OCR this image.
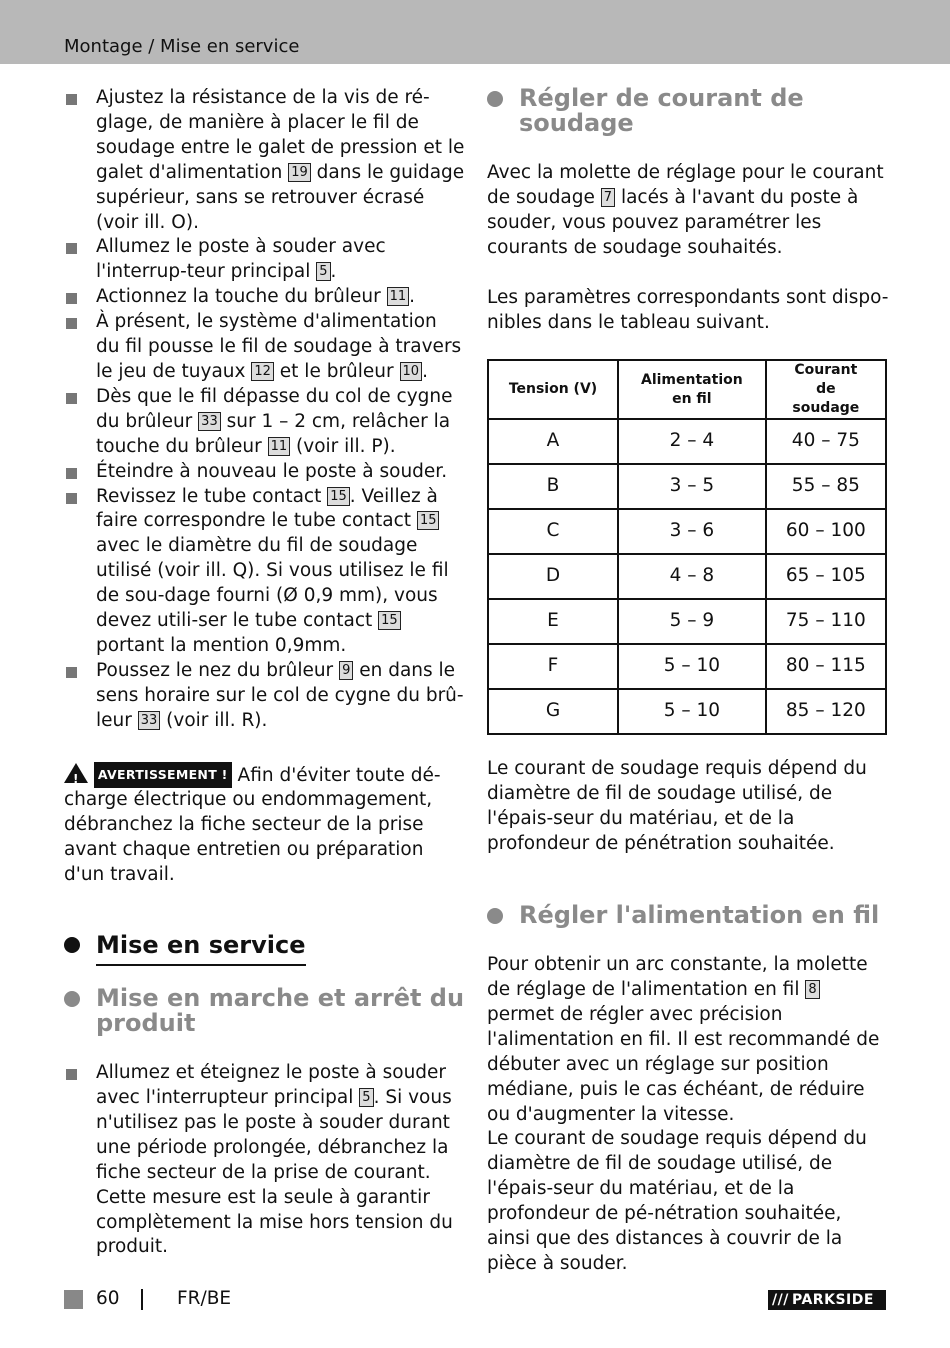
Montage / Mise en service
Ajustez la résistance de la vis de ré-glage, de manière à placer le fil de soudage entre le galet de pression et le galet d'alimentation 19 dans le guidage supérieur, sans se retrouver écrasé (voir ill. O).
Allumez le poste à souder avec l'interrup-teur principal 5 .
Actionnez la touche du brûleur 11 .
À présent, le système d'alimentation du fil pousse le fil de soudage à travers le jeu de tuyaux 12 et le brûleur 10 .
Dès que le fil dépasse du col de cygne du brûleur 33 sur 1 – 2 cm, relâcher la touche du brûleur 11 (voir ill. P).
Éteindre à nouveau le poste à souder.
Revissez le tube contact 15 . Veillez à faire correspondre le tube contact 15 avec le diamètre du fil de soudage utilisé (voir ill. Q). Si vous utilisez le fil de sou-dage fourni (Ø 0,9 mm), vous devez utili-ser le tube contact 15 portant la mention 0,9mm.
Poussez le nez du brûleur 9 en dans le sens horaire sur le col de cygne du brû-leur 33 (voir ill. R).
! AVERTISSEMENT ! Afin d'éviter toute dé-charge électrique ou endommagement, débranchez la fiche secteur de la prise avant chaque entretien ou préparation d'un travail.
Mise en service
Mise en marche et arrêt du produit
Allumez et éteignez le poste à souder avec l'interrupteur principal 5 . Si vous n'utilisez pas le poste à souder durant une période prolongée, débranchez la fiche secteur de la prise de courant. Cette mesure est la seule à garantir complètement la mise hors tension du produit.
Régler de courant de soudage

Avec la molette de réglage pour le courant de soudage 7 lacés à l'avant du poste à souder, vous pouvez paramétrer les courants de soudage souhaités.

Les paramètres correspondants sont dispo-nibles dans le tableau suivant.

Tension (V)	Alimentation en fil	Courant de soudage
A	2 – 4	40 – 75
B	3 – 5	55 – 85
C	3 – 6	60 – 100
D	4 – 8	65 – 105
E	5 – 9	75 – 110
F	5 – 10	80 – 115
G	5 – 10	85 – 120

Le courant de soudage requis dépend du diamètre de fil de soudage utilisé, de l'épais-seur du matériau, et de la profondeur de pénétration souhaitée.

Régler l'alimentation en fil

Pour obtenir un arc constante, la molette de réglage de l'alimentation en fil 8 permet de régler avec précision l'alimentation en fil. Il est recommandé de débuter avec un réglage sur position médiane, puis le cas échéant, de réduire ou d'augmenter la vitesse.

Le courant de soudage requis dépend du diamètre de fil de soudage utilisé, de l'épais-seur du matériau, et de la profondeur de pé-nétration souhaitée, ainsi que des distances à couvrir de la pièce à souder.

60	FR/BE	/// PARKSIDE
